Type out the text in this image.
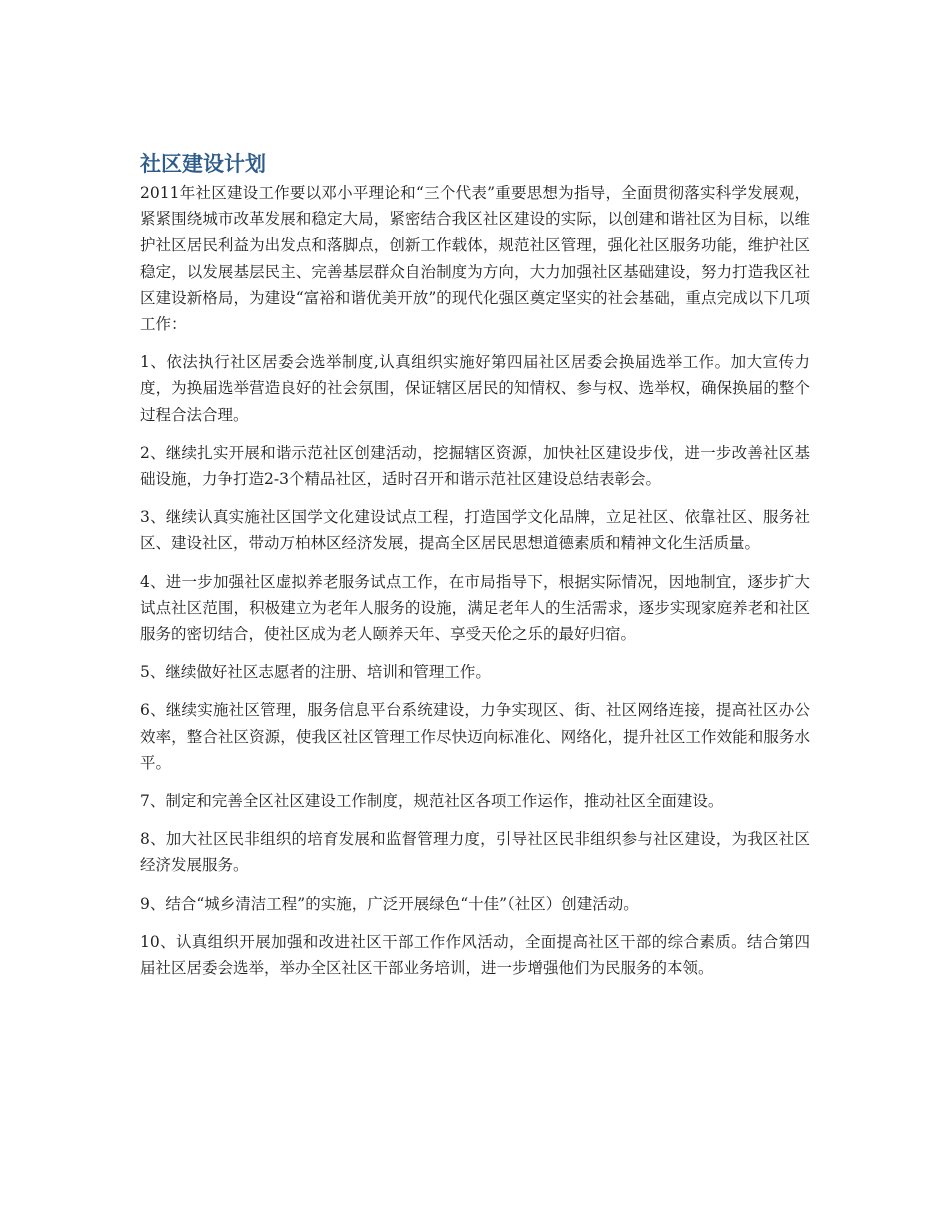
社区建设计划

2011年社区建设工作要以邓小平理论和“三个代表”重要思想为指导，全面贯彻落实科学发展观，紧紧围绕城市改革发展和稳定大局，紧密结合我区社区建设的实际，以创建和谐社区为目标，以维护社区居民利益为出发点和落脚点，创新工作载体，规范社区管理，强化社区服务功能，维护社区稳定，以发展基层民主、完善基层群众自治制度为方向，大力加强社区基础建设，努力打造我区社区建设新格局，为建设“富裕和谐优美开放”的现代化强区奠定坚实的社会基础，重点完成以下几项工作：

1、依法执行社区居委会选举制度,认真组织实施好第四届社区居委会换届选举工作。加大宣传力度，为换届选举营造良好的社会氛围，保证辖区居民的知情权、参与权、选举权，确保换届的整个过程合法合理。

2、继续扎实开展和谐示范社区创建活动，挖掘辖区资源，加快社区建设步伐，进一步改善社区基础设施，力争打造2-3个精品社区，适时召开和谐示范社区建设总结表彰会。

3、继续认真实施社区国学文化建设试点工程，打造国学文化品牌，立足社区、依靠社区、服务社区、建设社区，带动万柏林区经济发展，提高全区居民思想道德素质和精神文化生活质量。

4、进一步加强社区虚拟养老服务试点工作，在市局指导下，根据实际情况，因地制宜，逐步扩大试点社区范围，积极建立为老年人服务的设施，满足老年人的生活需求，逐步实现家庭养老和社区服务的密切结合，使社区成为老人颐养天年、享受天伦之乐的最好归宿。

5、继续做好社区志愿者的注册、培训和管理工作。

6、继续实施社区管理，服务信息平台系统建设，力争实现区、街、社区网络连接，提高社区办公效率，整合社区资源，使我区社区管理工作尽快迈向标准化、网络化，提升社区工作效能和服务水平。

7、制定和完善全区社区建设工作制度，规范社区各项工作运作，推动社区全面建设。

8、加大社区民非组织的培育发展和监督管理力度，引导社区民非组织参与社区建设，为我区社区经济发展服务。

9、结合“城乡清洁工程”的实施，广泛开展绿色“十佳”（社区）创建活动。

10、认真组织开展加强和改进社区干部工作作风活动，全面提高社区干部的综合素质。结合第四届社区居委会选举，举办全区社区干部业务培训，进一步增强他们为民服务的本领。
